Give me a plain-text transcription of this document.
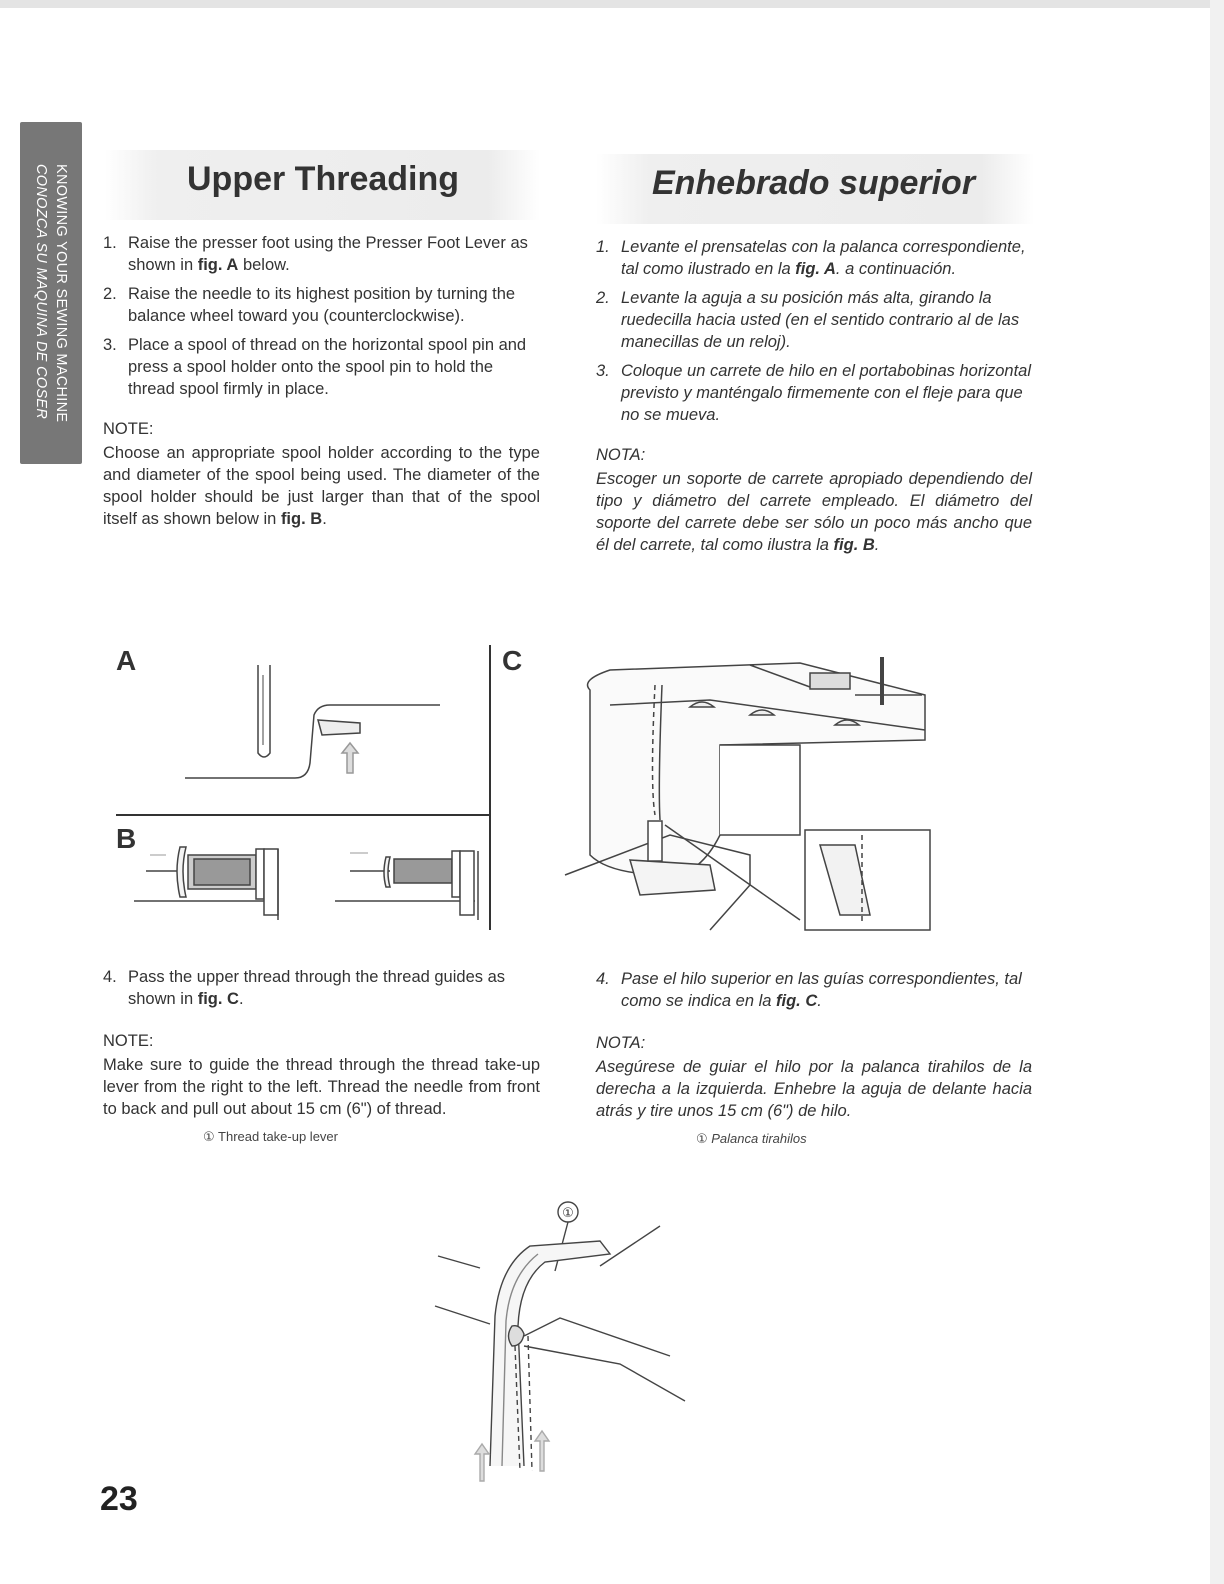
KNOWING YOUR SEWING MACHINE
CONOZCA SU MAQUINA DE COSER	Upper Threading	Enhebrado superior
1. Raise the presser foot using the Presser Foot Lever as shown in fig. A below.
2. Raise the needle to its highest position by turning the balance wheel toward you (counterclockwise).
3. Place a spool of thread on the horizontal spool pin and press a spool holder onto the spool pin to hold the thread spool firmly in place.
NOTE:

Choose an appropriate spool holder according to the type and diameter of the spool being used. The diameter of the spool holder should be just larger than that of the spool itself as shown below in fig. B.

1. Levante el prensatelas con la palanca correspondiente, tal como ilustrado en la fig. A. a continuación.
2. Levante la aguja a su posición más alta, girando la ruedecilla hacia usted (en el sentido contrario al de las manecillas de un reloj).
3. Coloque un carrete de hilo en el portabobinas horizontal previsto y manténgalo firmemente con el fleje para que no se mueva.
NOTA:

Escoger un soporte de carrete apropiado dependiendo del tipo y diámetro del carrete empleado. El diámetro del soporte del carrete debe ser sólo un poco más ancho que él del carrete, tal como ilustra la fig. B.

A
B
C
4. Pass the upper thread through the thread guides as shown in fig. C.
NOTE:

Make sure to guide the thread through the thread take-up lever from the right to the left. Thread the needle from front to back and pull out about 15 cm (6") of thread.

① Thread take-up lever
4. Pase el hilo superior en las guías correspondientes, tal como se indica en la fig. C.
NOTA:

Asegúrese de guiar el hilo por la palanca tirahilos de la derecha a la izquierda. Enhebre la aguja de delante hacia atrás y tire unos 15 cm (6") de hilo.

① Palanca tirahilos
①
23
